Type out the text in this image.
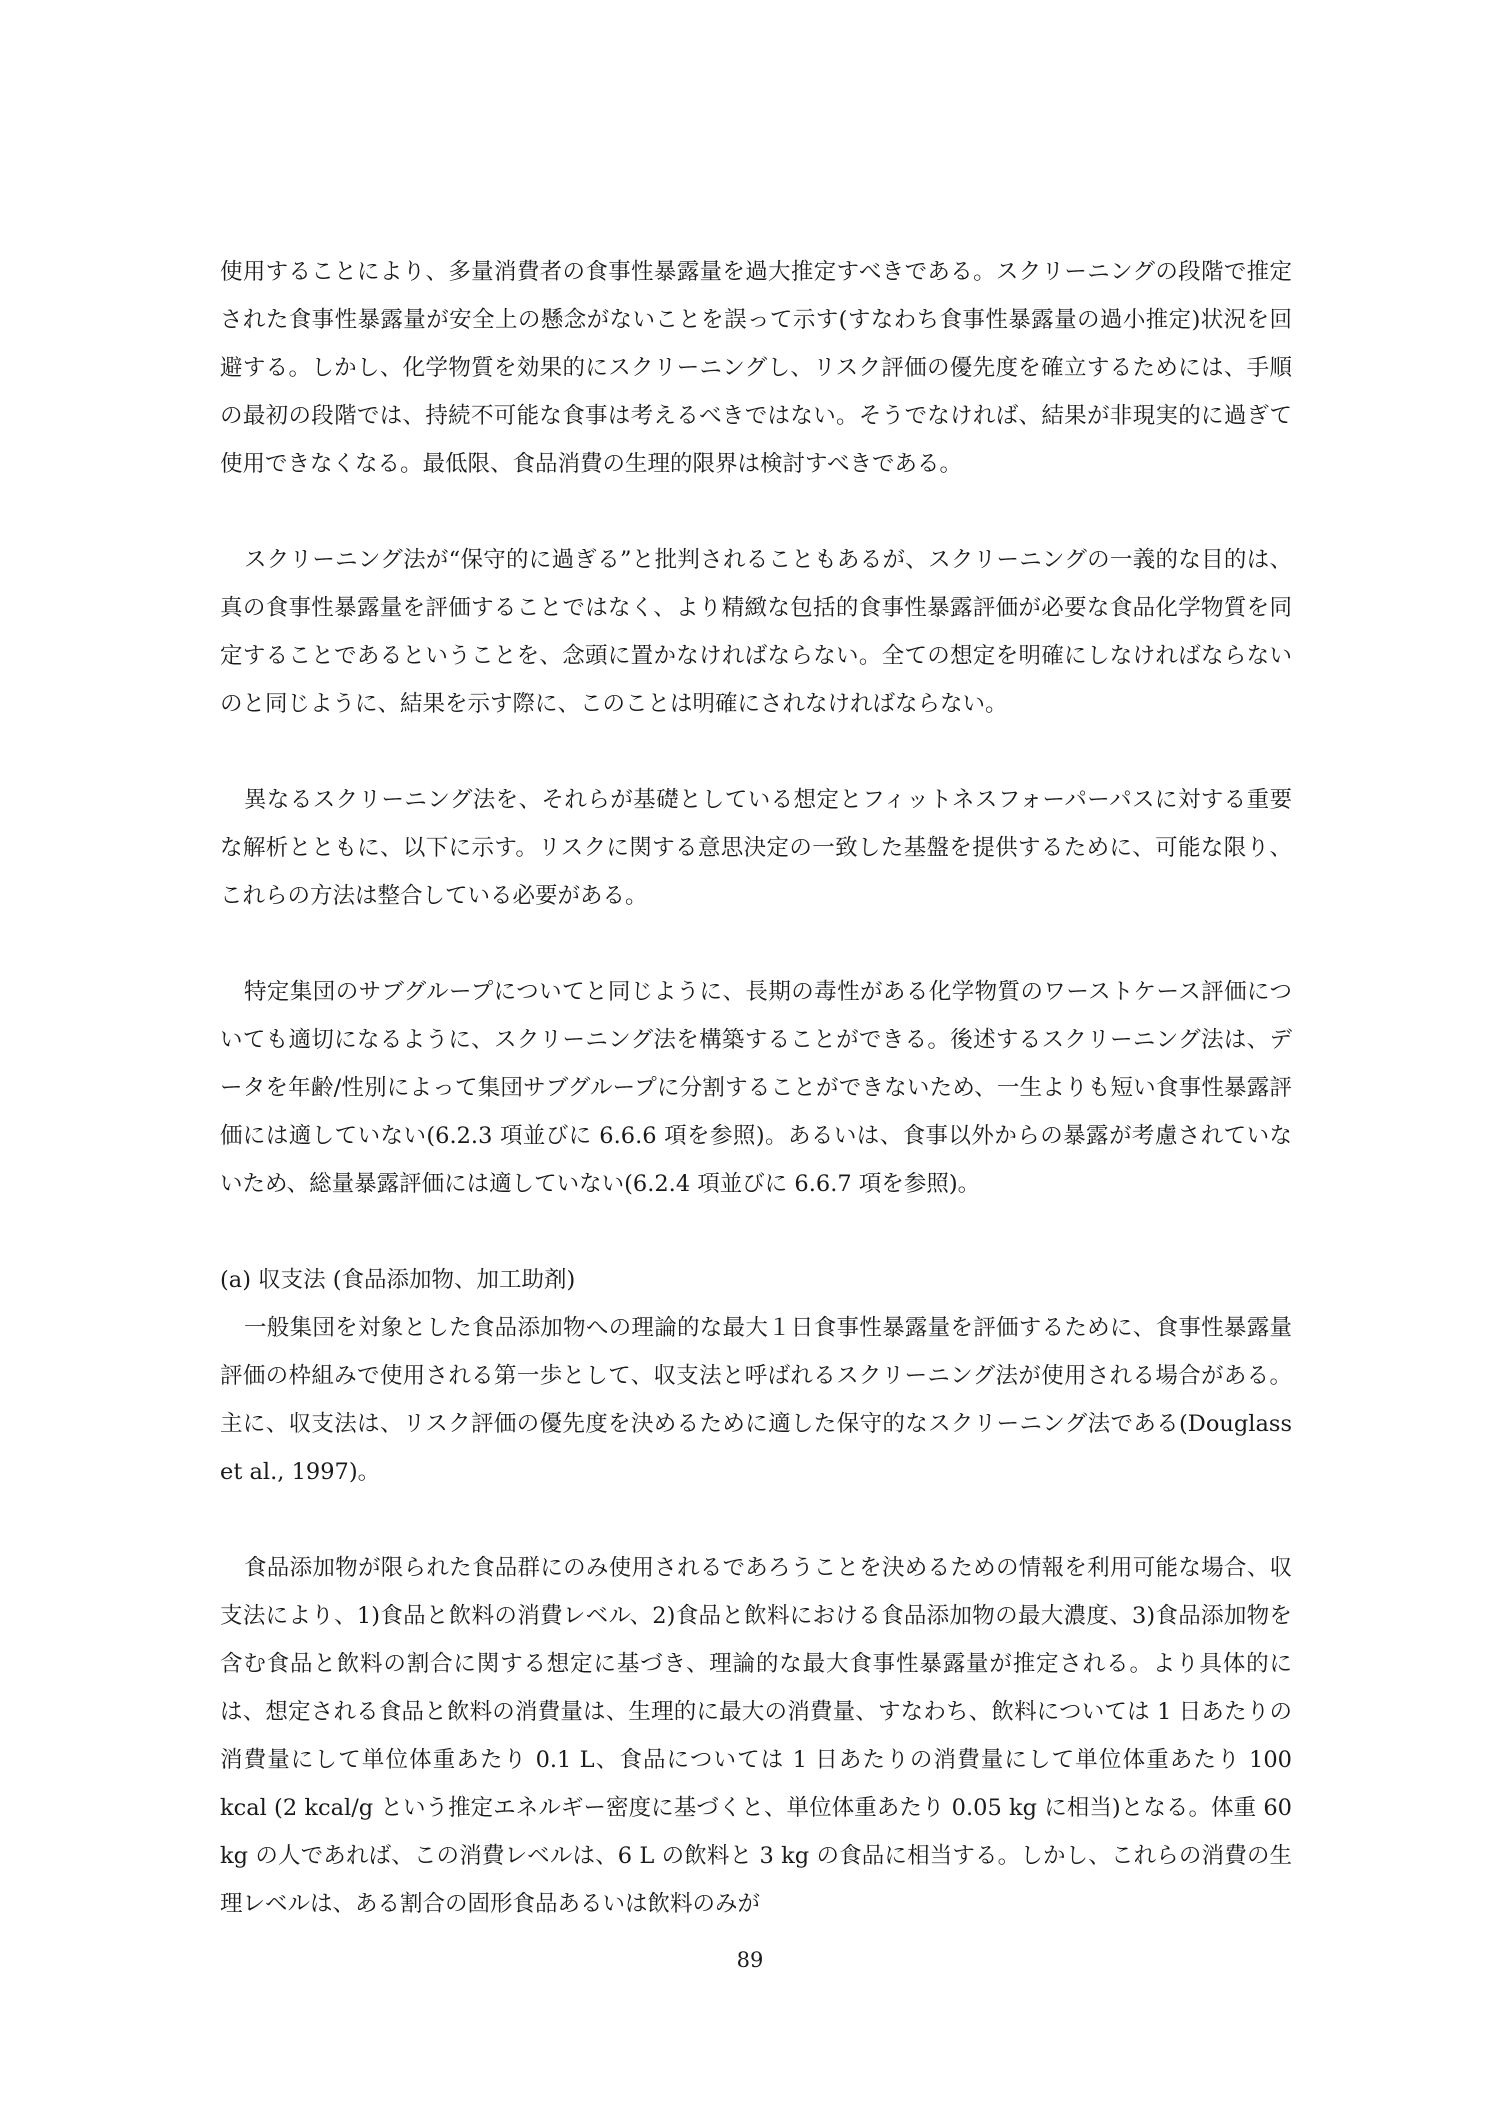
使用することにより、多量消費者の食事性暴露量を過大推定すべきである。スクリーニングの段階で推定された食事性暴露量が安全上の懸念がないことを誤って示す(すなわち食事性暴露量の過小推定)状況を回避する。しかし、化学物質を効果的にスクリーニングし、リスク評価の優先度を確立するためには、手順の最初の段階では、持続不可能な食事は考えるべきではない。そうでなければ、結果が非現実的に過ぎて使用できなくなる。最低限、食品消費の生理的限界は検討すべきである。

スクリーニング法が“保守的に過ぎる”と批判されることもあるが、スクリーニングの一義的な目的は、真の食事性暴露量を評価することではなく、より精緻な包括的食事性暴露評価が必要な食品化学物質を同定することであるということを、念頭に置かなければならない。全ての想定を明確にしなければならないのと同じように、結果を示す際に、このことは明確にされなければならない。

異なるスクリーニング法を、それらが基礎としている想定とフィットネスフォーパーパスに対する重要な解析とともに、以下に示す。リスクに関する意思決定の一致した基盤を提供するために、可能な限り、これらの方法は整合している必要がある。

特定集団のサブグループについてと同じように、長期の毒性がある化学物質のワーストケース評価についても適切になるように、スクリーニング法を構築することができる。後述するスクリーニング法は、データを年齢/性別によって集団サブグループに分割することができないため、一生よりも短い食事性暴露評価には適していない(6.2.3 項並びに 6.6.6 項を参照)。あるいは、食事以外からの暴露が考慮されていないため、総量暴露評価には適していない(6.2.4 項並びに 6.6.7 項を参照)。

(a) 収支法 (食品添加物、加工助剤)

一般集団を対象とした食品添加物への理論的な最大１日食事性暴露量を評価するために、食事性暴露量評価の枠組みで使用される第一歩として、収支法と呼ばれるスクリーニング法が使用される場合がある。主に、収支法は、リスク評価の優先度を決めるために適した保守的なスクリーニング法である(Douglass et al., 1997)。

食品添加物が限られた食品群にのみ使用されるであろうことを決めるための情報を利用可能な場合、収支法により、1)食品と飲料の消費レベル、2)食品と飲料における食品添加物の最大濃度、3)食品添加物を含む食品と飲料の割合に関する想定に基づき、理論的な最大食事性暴露量が推定される。より具体的には、想定される食品と飲料の消費量は、生理的に最大の消費量、すなわち、飲料については 1 日あたりの消費量にして単位体重あたり 0.1 L、食品については 1 日あたりの消費量にして単位体重あたり 100 kcal (2 kcal/g という推定エネルギー密度に基づくと、単位体重あたり 0.05 kg に相当)となる。体重 60 kg の人であれば、この消費レベルは、6 L の飲料と 3 kg の食品に相当する。しかし、これらの消費の生理レベルは、ある割合の固形食品あるいは飲料のみが

89
